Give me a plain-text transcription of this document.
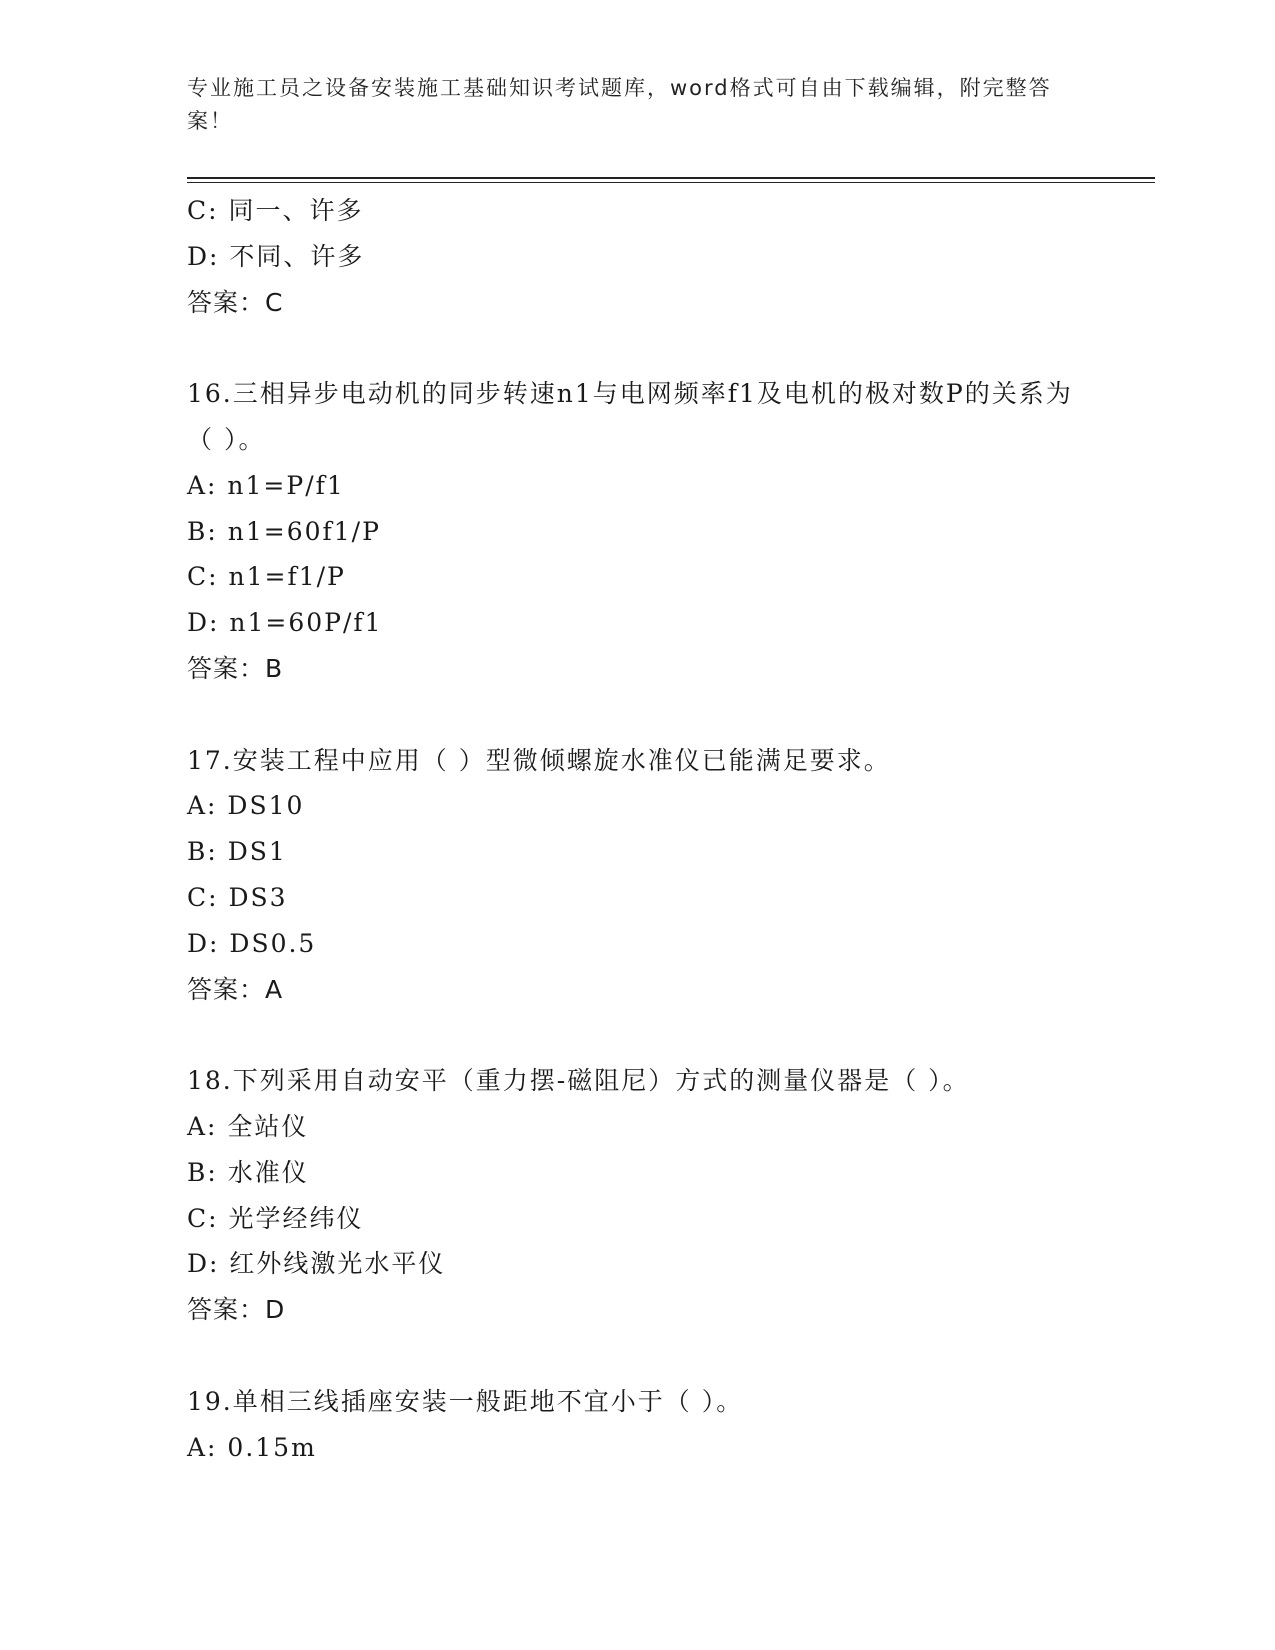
专业施工员之设备安装施工基础知识考试题库，word格式可自由下载编辑，附完整答案！
C: 同一、许多
D: 不同、许多
答案：C
16.三相异步电动机的同步转速n1与电网频率f1及电机的极对数P的关系为（ ）。
A: n1=P/f1
B: n1=60f1/P
C: n1=f1/P
D: n1=60P/f1
答案：B
17.安装工程中应用（ ）型微倾螺旋水准仪已能满足要求。
A: DS10
B: DS1
C: DS3
D: DS0.5
答案：A
18.下列采用自动安平（重力摆-磁阻尼）方式的测量仪器是（ ）。
A: 全站仪
B: 水准仪
C: 光学经纬仪
D: 红外线激光水平仪
答案：D
19.单相三线插座安装一般距地不宜小于（ ）。
A: 0.15m
